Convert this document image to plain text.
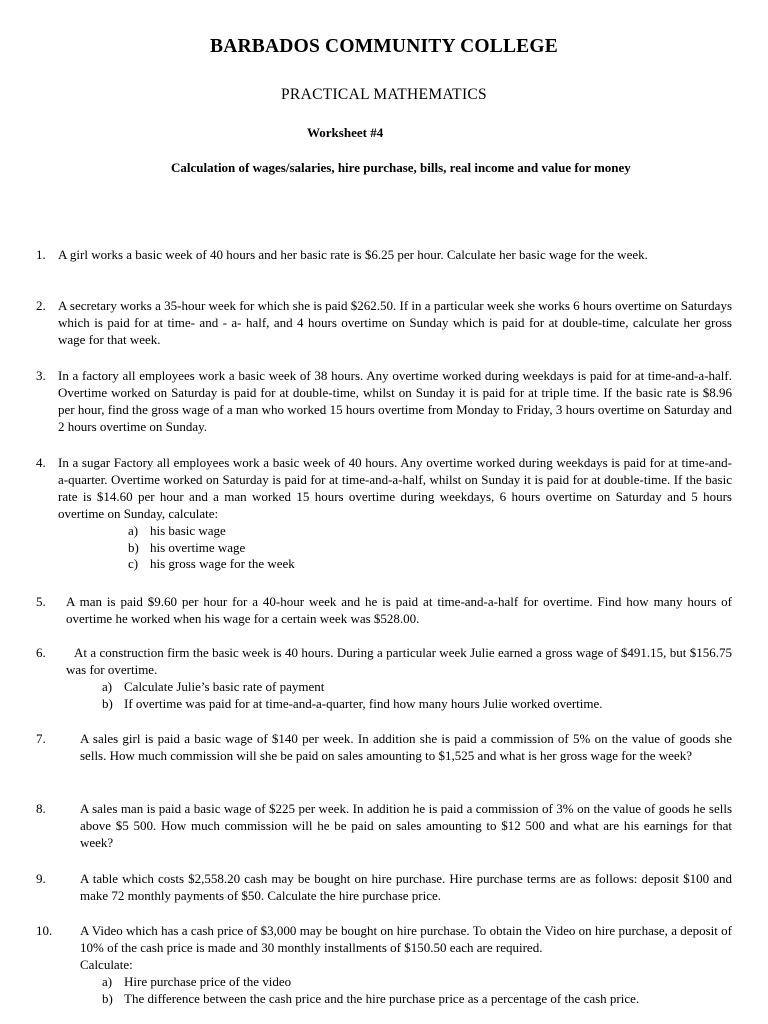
BARBADOS COMMUNITY COLLEGE
PRACTICAL MATHEMATICS
Worksheet #4
Calculation of wages/salaries, hire purchase, bills, real income and value for money
1. A girl works a basic week of 40 hours and her basic rate is $6.25 per hour. Calculate her basic wage for the week.
2. A secretary works a 35-hour week for which she is paid $262.50. If in a particular week she works 6 hours overtime on Saturdays which is paid for at time- and - a- half, and 4 hours overtime on Sunday which is paid for at double-time, calculate her gross wage for that week.
3. In a factory all employees work a basic week of 38 hours. Any overtime worked during weekdays is paid for at time-and-a-half. Overtime worked on Saturday is paid for at double-time, whilst on Sunday it is paid for at triple time. If the basic rate is $8.96 per hour, find the gross wage of a man who worked 15 hours overtime from Monday to Friday, 3 hours overtime on Saturday and 2 hours overtime on Sunday.
4. In a sugar Factory all employees work a basic week of 40 hours. Any overtime worked during weekdays is paid for at time-and-a-quarter. Overtime worked on Saturday is paid for at time-and-a-half, whilst on Sunday it is paid for at double-time. If the basic rate is $14.60 per hour and a man worked 15 hours overtime during weekdays, 6 hours overtime on Saturday and 5 hours overtime on Sunday, calculate:
a) his basic wage
b) his overtime wage
c) his gross wage for the week
5. A man is paid $9.60 per hour for a 40-hour week and he is paid at time-and-a-half for overtime. Find how many hours of overtime he worked when his wage for a certain week was $528.00.
6.	At a construction firm the basic week is 40 hours. During a particular week Julie earned a gross wage of $491.15, but $156.75 was for overtime.
a) Calculate Julie’s basic rate of payment
b) If overtime was paid for at time-and-a-quarter, find how many hours Julie worked overtime.
7.	A sales girl is paid a basic wage of $140 per week. In addition she is paid a commission of 5% on the value of goods she sells. How much commission will she be paid on sales amounting to $1,525 and what is her gross wage for the week?
8.	A sales man is paid a basic wage of $225 per week. In addition he is paid a commission of 3% on the value of goods he sells above $5 500. How much commission will he be paid on sales amounting to $12 500 and what are his earnings for that week?
9.	A table which costs $2,558.20 cash may be bought on hire purchase. Hire purchase terms are as follows: deposit $100 and make 72 monthly payments of $50. Calculate the hire purchase price.
10. A Video which has a cash price of $3,000 may be bought on hire purchase. To obtain the Video on hire purchase, a deposit of 10% of the cash price is made and 30 monthly installments of $150.50 each are required.
Calculate:
a) Hire purchase price of the video
b) The difference between the cash price and the hire purchase price as a percentage of the cash price.
